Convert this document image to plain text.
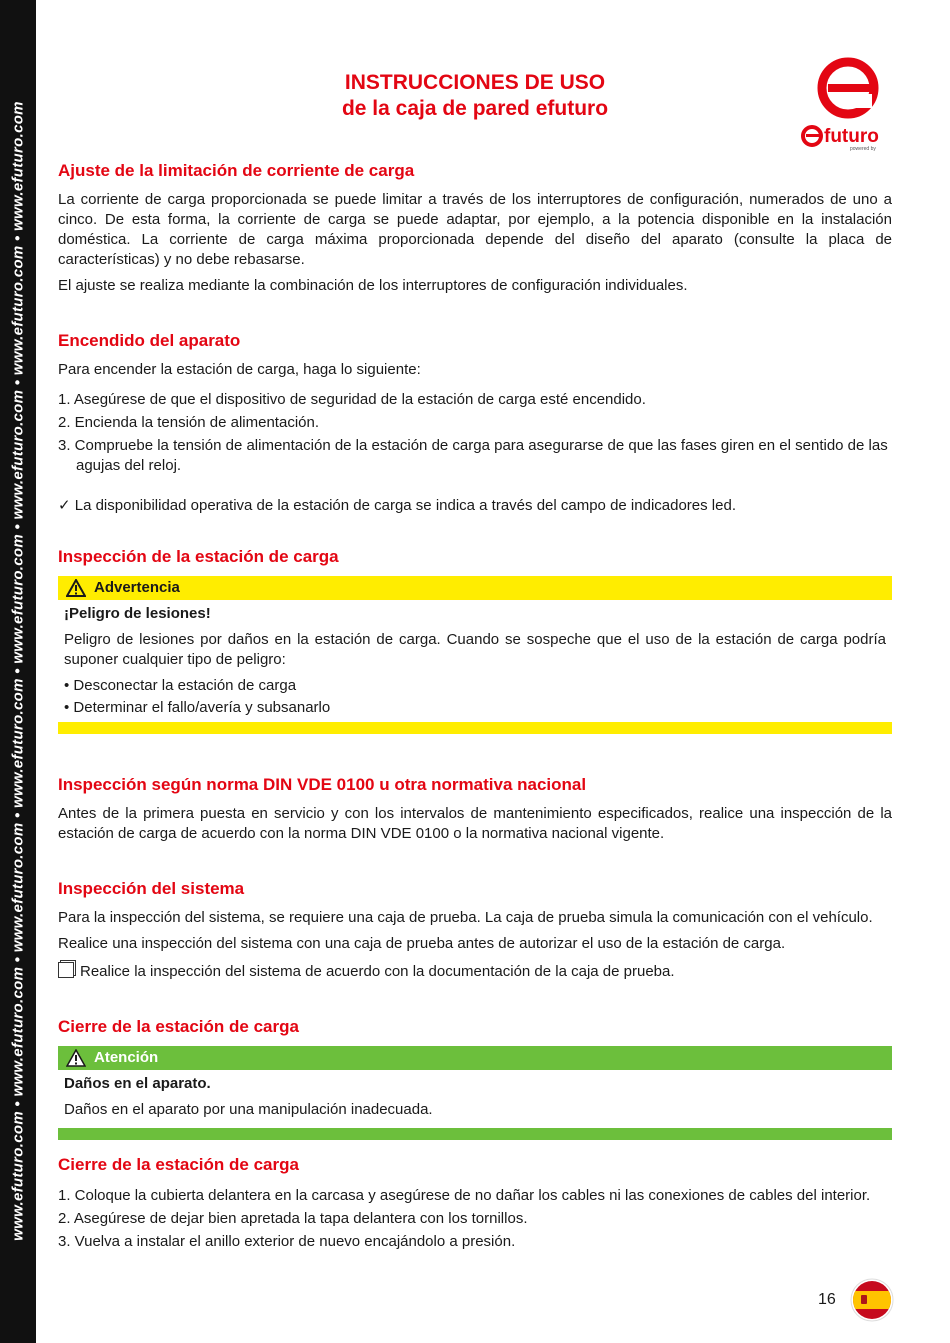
www.efuturo.com • www.efuturo.com • www.efuturo.com • www.efuturo.com • www.efuturo.com • www.efuturo.com • www.efuturo.com • www.efuturo.com
INSTRUCCIONES DE USO
de la caja de pared efuturo
futuro
powered by
Ajuste de la limitación de corriente de carga

La corriente de carga proporcionada se puede limitar a través de los interruptores de configuración, numerados de uno a cinco. De esta forma, la corriente de carga se puede adaptar, por ejemplo, a la potencia disponible en la instalación doméstica. La corriente de carga máxima proporcionada depende del diseño del aparato (consulte la placa de características) y no debe rebasarse.

El ajuste se realiza mediante la combinación de los interruptores de configuración individuales.

Encendido del aparato

Para encender la estación de carga, haga lo siguiente:

1. Asegúrese de que el dispositivo de seguridad de la estación de carga esté encendido.
2. Encienda la tensión de alimentación.
3. Compruebe la tensión de alimentación de la estación de carga para asegurarse de que las fases giren en el sentido de las agujas del reloj.

✓ La disponibilidad operativa de la estación de carga se indica a través del campo de indicadores led.

Inspección de la estación de carga
Advertencia

¡Peligro de lesiones!

Peligro de lesiones por daños en la estación de carga. Cuando se sospeche que el uso de la estación de carga podría suponer cualquier tipo de peligro:

• Desconectar la estación de carga
• Determinar el fallo/avería y subsanarlo
Inspección según norma DIN VDE 0100 u otra normativa nacional

Antes de la primera puesta en servicio y con los intervalos de mantenimiento especificados, realice una inspección de la estación de carga de acuerdo con la norma DIN VDE 0100 o la normativa nacional vigente.

Inspección del sistema

Para la inspección del sistema, se requiere una caja de prueba. La caja de prueba simula la comunicación con el vehículo.

Realice una inspección del sistema con una caja de prueba antes de autorizar el uso de la estación de carga.

Realice la inspección del sistema de acuerdo con la documentación de la caja de prueba.

Cierre de la estación de carga
Atención

Daños en el aparato.

Daños en el aparato por una manipulación inadecuada.

Cierre de la estación de carga
1. Coloque la cubierta delantera en la carcasa y asegúrese de no dañar los cables ni las conexiones de cables del interior.
2. Asegúrese de dejar bien apretada la tapa delantera con los tornillos.
3. Vuelva a instalar el anillo exterior de nuevo encajándolo a presión.
16
